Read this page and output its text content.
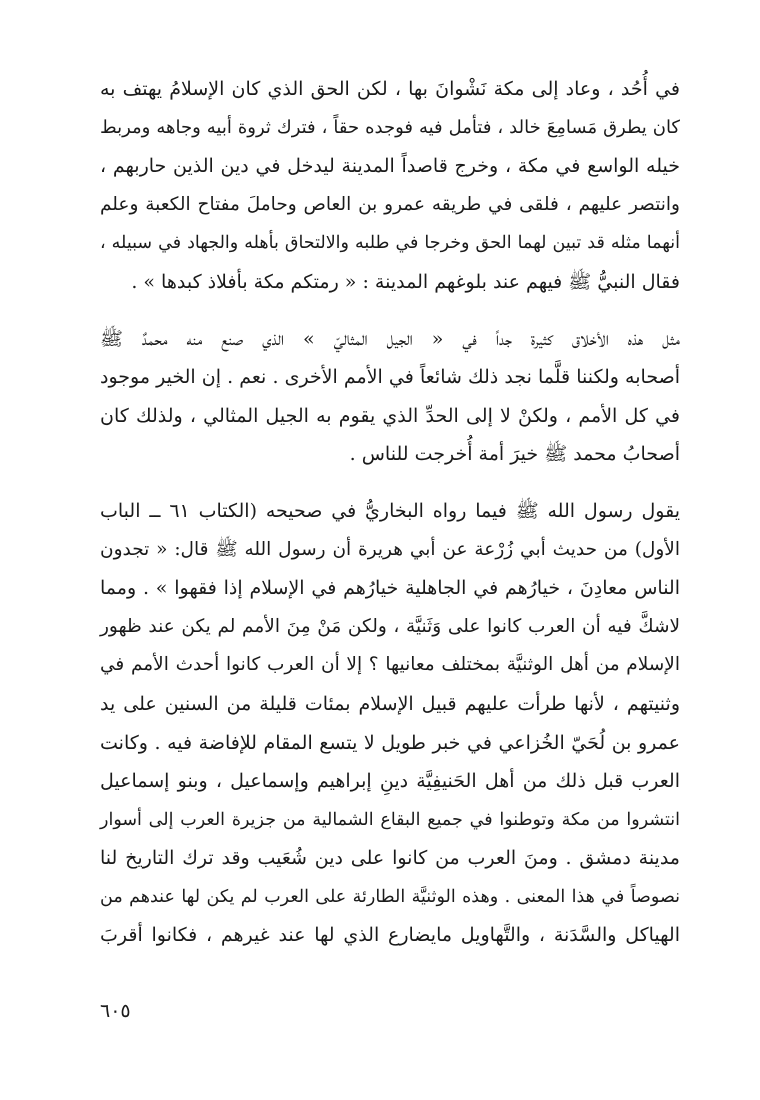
في أُحُد ، وعاد إلى مكة نَشْوانَ بها ، لكن الحق الذي كان الإسلامُ يهتف به
كان يطرق مَسامِعَ خالد ، فتأمل فيه فوجده حقاً ، فترك ثروة أبيه وجاهه ومربط
خيله الواسع في مكة ، وخرج قاصداً المدينة ليدخل في دين الذين حاربهم ،
وانتصر عليهم ، فلقى في طريقه عمرو بن العاص وحاملَ مفتاح الكعبة وعلم
أنهما مثله قد تبين لهما الحق وخرجا في طلبه والالتحاق بأهله والجهاد في سبيله ،
فقال النبيُّ ﷺ فيهم عند بلوغهم المدينة : « رمتكم مكة بأفلاذ كبدها » .

مثل هذه الأخلاق كثيرة جداً في « الجيل المثاليّ » الذي صنع منه محمدٌ ﷺ
أصحابه ولكننا قلَّما نجد ذلك شائعاً في الأمم الأخرى . نعم . إن الخير موجود
في كل الأمم ، ولكنْ لا إلى الحدِّ الذي يقوم به الجيل المثالي ، ولذلك كان
أصحابُ محمد ﷺ خيرَ أمة أُخرجت للناس .

يقول رسول الله ﷺ فيما رواه البخاريُّ في صحيحه (الكتاب ٦١ ــ الباب
الأول) من حديث أبي زُرْعة عن أبي هريرة أن رسول الله ﷺ قال: « تجدون
الناس معادِنَ ، خيارُهم في الجاهلية خيارُهم في الإسلام إذا فقهوا » . ومما
لاشكَّ فيه أن العرب كانوا على وَثَنيَّة ، ولكن مَنْ مِنَ الأمم لم يكن عند ظهور
الإسلام من أهل الوثنيَّة بمختلف معانيها ؟ إلا أن العرب كانوا أحدث الأمم في
وثنيتهم ، لأنها طرأت عليهم قبيل الإسلام بمئات قليلة من السنين على يد
عمرو بن لُحَيّ الخُزاعي في خبر طويل لا يتسع المقام للإفاضة فيه . وكانت
العرب قبل ذلك من أهل الحَنيفِيَّة دينِ إبراهيم وإسماعيل ، وبنو إسماعيل
انتشروا من مكة وتوطنوا في جميع البقاع الشمالية من جزيرة العرب إلى أسوار
مدينة دمشق . ومنَ العرب من كانوا على دين شُعَيب وقد ترك التاريخ لنا
نصوصاً في هذا المعنى . وهذه الوثنيَّة الطارئة على العرب لم يكن لها عندهم من
الهياكل والسَّدَنة ، والتَّهاويل مايضارع الذي لها عند غيرهم ، فكانوا أقربَ

٦٠٥
